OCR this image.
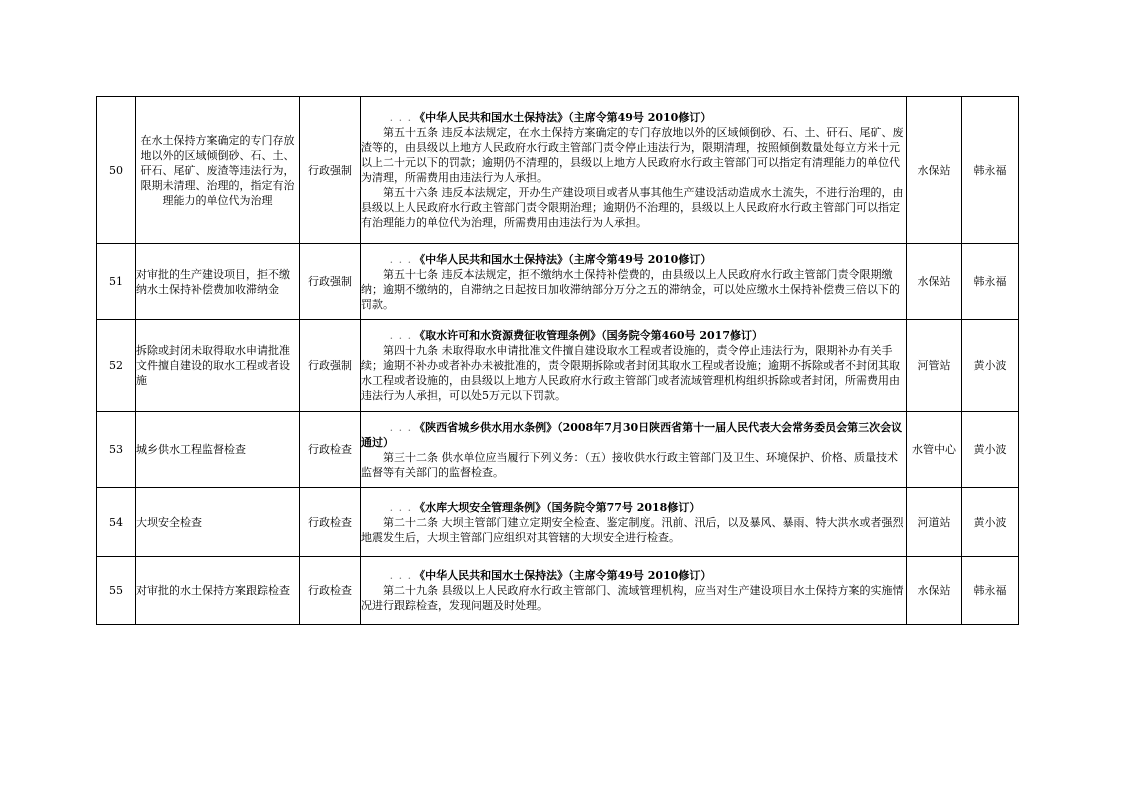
50	在水土保持方案确定的专门存放地以外的区域倾倒砂、石、土、矸石、尾矿、废渣等违法行为，限期未清理、治理的，指定有治理能力的单位代为治理	行政强制	. . . 《中华人民共和国水土保持法》（主席令第49号 2010修订）
第五十五条 违反本法规定，在水土保持方案确定的专门存放地以外的区域倾倒砂、石、土、矸石、尾矿、废渣等的，由县级以上地方人民政府水行政主管部门责令停止违法行为，限期清理，按照倾倒数量处每立方米十元以上二十元以下的罚款；逾期仍不清理的，县级以上地方人民政府水行政主管部门可以指定有清理能力的单位代为清理，所需费用由违法行为人承担。
第五十六条 违反本法规定，开办生产建设项目或者从事其他生产建设活动造成水土流失，不进行治理的，由县级以上人民政府水行政主管部门责令限期治理；逾期仍不治理的，县级以上人民政府水行政主管部门可以指定有治理能力的单位代为治理，所需费用由违法行为人承担。	水保站	韩永福
51	对审批的生产建设项目，拒不缴纳水土保持补偿费加收滞纳金	行政强制	. . . 《中华人民共和国水土保持法》（主席令第49号 2010修订）
第五十七条 违反本法规定，拒不缴纳水土保持补偿费的，由县级以上人民政府水行政主管部门责令限期缴纳；逾期不缴纳的，自滞纳之日起按日加收滞纳部分万分之五的滞纳金，可以处应缴水土保持补偿费三倍以下的罚款。	水保站	韩永福
52	拆除或封闭未取得取水申请批准文件擅自建设的取水工程或者设施	行政强制	. . . 《取水许可和水资源费征收管理条例》（国务院令第460号 2017修订）
第四十九条 未取得取水申请批准文件擅自建设取水工程或者设施的，责令停止违法行为，限期补办有关手续；逾期不补办或者补办未被批准的，责令限期拆除或者封闭其取水工程或者设施；逾期不拆除或者不封闭其取水工程或者设施的，由县级以上地方人民政府水行政主管部门或者流域管理机构组织拆除或者封闭，所需费用由违法行为人承担，可以处5万元以下罚款。	河管站	黄小波
53	城乡供水工程监督检查	行政检查	. . . 《陕西省城乡供水用水条例》（2008年7月30日陕西省第十一届人民代表大会常务委员会第三次会议通过）
第三十二条 供水单位应当履行下列义务：（五）接收供水行政主管部门及卫生、环境保护、价格、质量技术监督等有关部门的监督检查。	水管中心	黄小波
54	大坝安全检查	行政检查	. . . 《水库大坝安全管理条例》（国务院令第77号 2018修订）
第二十二条 大坝主管部门建立定期安全检查、鉴定制度。汛前、汛后，以及暴风、暴雨、特大洪水或者强烈地震发生后，大坝主管部门应组织对其管辖的大坝安全进行检查。	河道站	黄小波
55	对审批的水土保持方案跟踪检查	行政检查	. . . 《中华人民共和国水土保持法》（主席令第49号 2010修订）
第二十九条 县级以上人民政府水行政主管部门、流域管理机构，应当对生产建设项目水土保持方案的实施情况进行跟踪检查，发现问题及时处理。	水保站	韩永福
